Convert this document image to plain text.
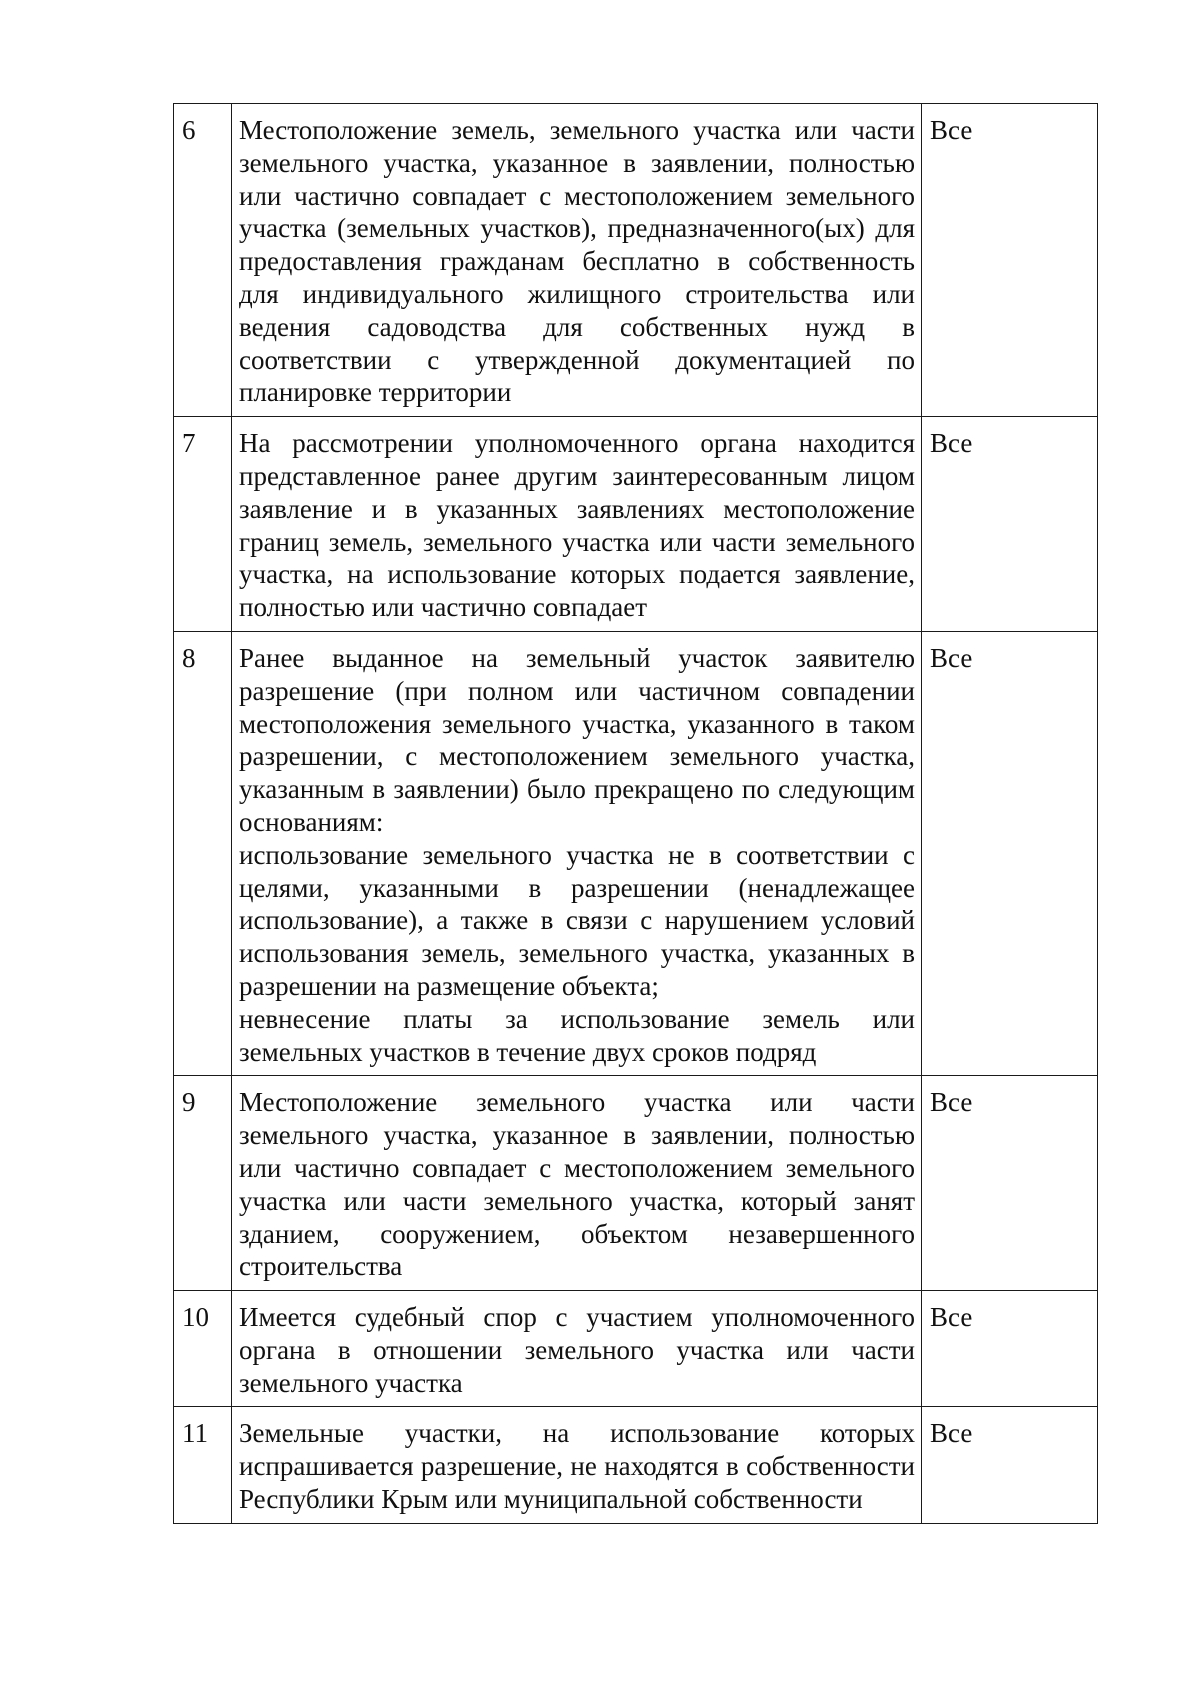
6	Местоположение земель, земельного участка или части земельного участка, указанное в заявлении, полностью или частично совпадает с местоположением земельного участка (земельных участков), предназначенного(ых) для предоставления гражданам бесплатно в собственность для индивидуального жилищного строительства или ведения садоводства для собственных нужд в соответствии с утвержденной документацией по планировке территории	Все
7	На рассмотрении уполномоченного органа находится представленное ранее другим заинтересованным лицом заявление и в указанных заявлениях местоположение границ земель, земельного участка или части земельного участка, на использование которых подается заявление, полностью или частично совпадает	Все
8	Ранее выданное на земельный участок заявителю разрешение (при полном или частичном совпадении местоположения земельного участка, указанного в таком разрешении, с местоположением земельного участка, указанным в заявлении) было прекращено по следующим основаниям:
использование земельного участка не в соответствии с целями, указанными в разрешении (ненадлежащее использование), а также в связи с нарушением условий использования земель, земельного участка, указанных в разрешении на размещение объекта;
невнесение платы за использование земель или земельных участков в течение двух сроков подряд	Все
9	Местоположение земельного участка или части земельного участка, указанное в заявлении, полностью или частично совпадает с местоположением земельного участка или части земельного участка, который занят зданием, сооружением, объектом незавершенного строительства	Все
10	Имеется судебный спор с участием уполномоченного органа в отношении земельного участка или части земельного участка	Все
11	Земельные участки, на использование которых испрашивается разрешение, не находятся в собственности Республики Крым или муниципальной собственности	Все
